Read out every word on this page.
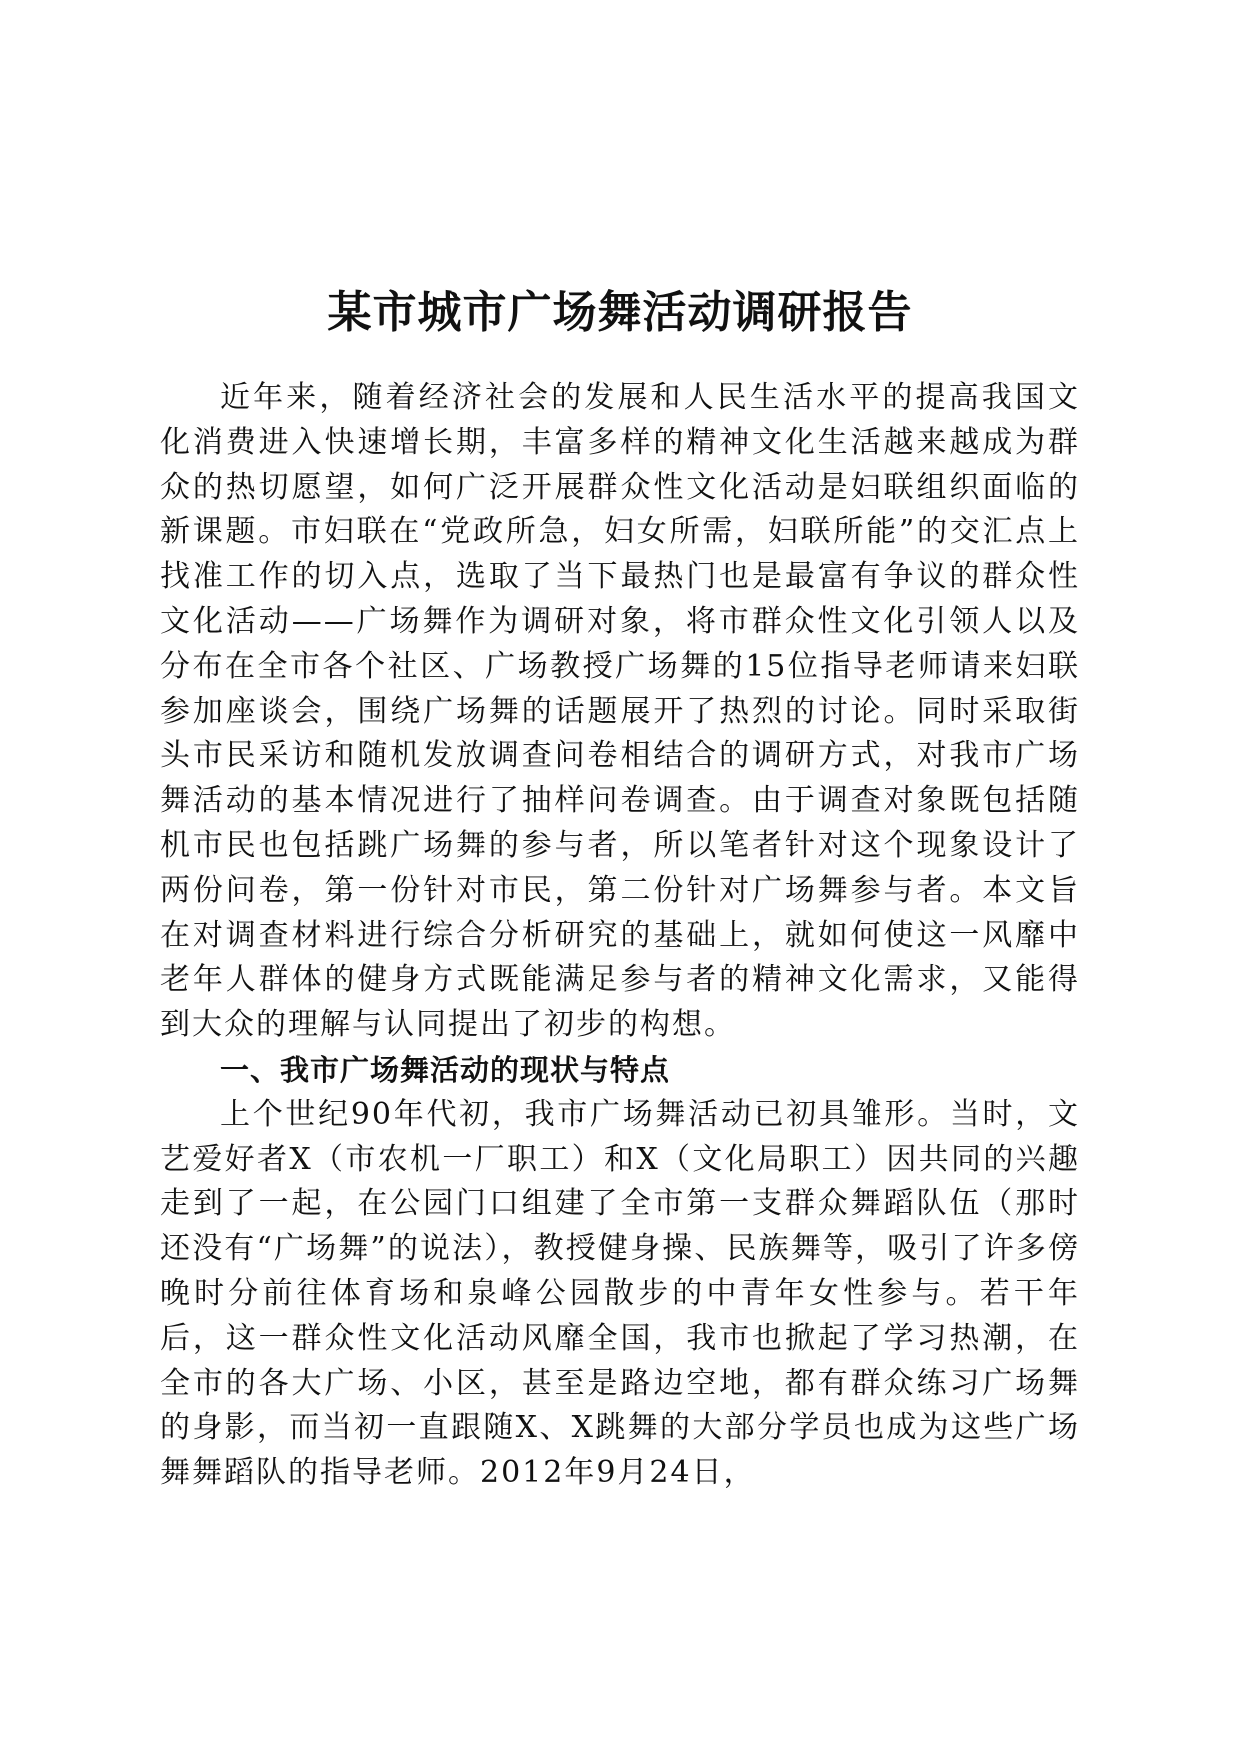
某市城市广场舞活动调研报告

近年来，随着经济社会的发展和人民生活水平的提高我国文化消费进入快速增长期，丰富多样的精神文化生活越来越成为群众的热切愿望，如何广泛开展群众性文化活动是妇联组织面临的新课题。市妇联在“党政所急，妇女所需，妇联所能”的交汇点上找准工作的切入点，选取了当下最热门也是最富有争议的群众性文化活动——广场舞作为调研对象，将市群众性文化引领人以及分布在全市各个社区、广场教授广场舞的15位指导老师请来妇联参加座谈会，围绕广场舞的话题展开了热烈的讨论。同时采取街头市民采访和随机发放调查问卷相结合的调研方式，对我市广场舞活动的基本情况进行了抽样问卷调查。由于调查对象既包括随机市民也包括跳广场舞的参与者，所以笔者针对这个现象设计了两份问卷，第一份针对市民，第二份针对广场舞参与者。本文旨在对调查材料进行综合分析研究的基础上，就如何使这一风靡中老年人群体的健身方式既能满足参与者的精神文化需求，又能得到大众的理解与认同提出了初步的构想。

一、我市广场舞活动的现状与特点

上个世纪90年代初，我市广场舞活动已初具雏形。当时，文艺爱好者X（市农机一厂职工）和X（文化局职工）因共同的兴趣走到了一起，在公园门口组建了全市第一支群众舞蹈队伍（那时还没有“广场舞”的说法），教授健身操、民族舞等，吸引了许多傍晚时分前往体育场和泉峰公园散步的中青年女性参与。若干年后，这一群众性文化活动风靡全国，我市也掀起了学习热潮，在全市的各大广场、小区，甚至是路边空地，都有群众练习广场舞的身影，而当初一直跟随X、X跳舞的大部分学员也成为这些广场舞舞蹈队的指导老师。2012年9月24日，
